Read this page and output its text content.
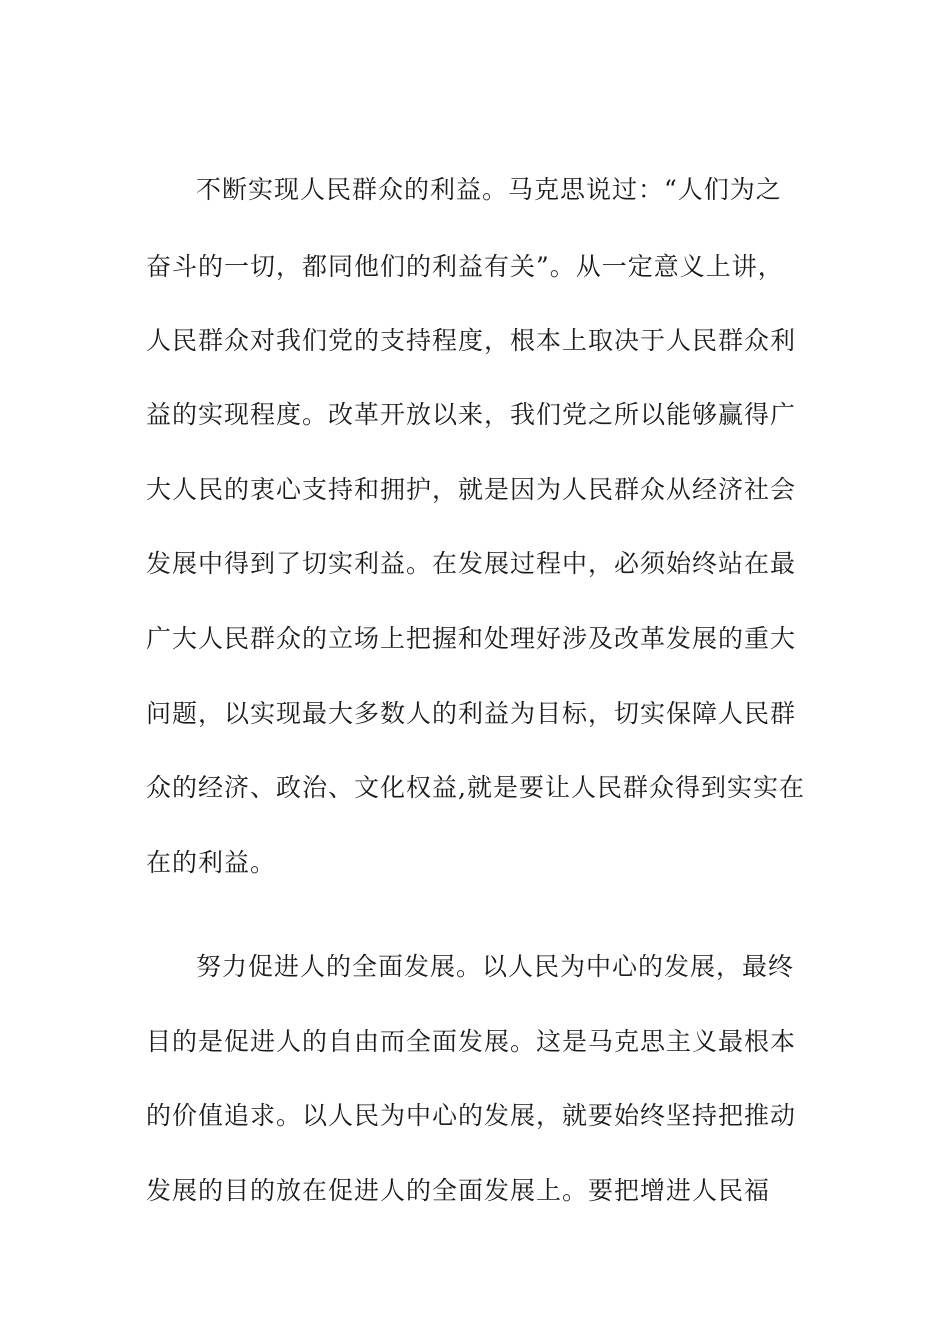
不断实现人民群众的利益。马克思说过：“人们为之
奋斗的一切，都同他们的利益有关”。从一定意义上讲，
人民群众对我们党的支持程度，根本上取决于人民群众利
益的实现程度。改革开放以来，我们党之所以能够赢得广
大人民的衷心支持和拥护，就是因为人民群众从经济社会
发展中得到了切实利益。在发展过程中，必须始终站在最
广大人民群众的立场上把握和处理好涉及改革发展的重大
问题，以实现最大多数人的利益为目标，切实保障人民群
众的经济、政治、文化权益,就是要让人民群众得到实实在
在的利益。
努力促进人的全面发展。以人民为中心的发展，最终
目的是促进人的自由而全面发展。这是马克思主义最根本
的价值追求。以人民为中心的发展，就要始终坚持把推动
发展的目的放在促进人的全面发展上。要把增进人民福
